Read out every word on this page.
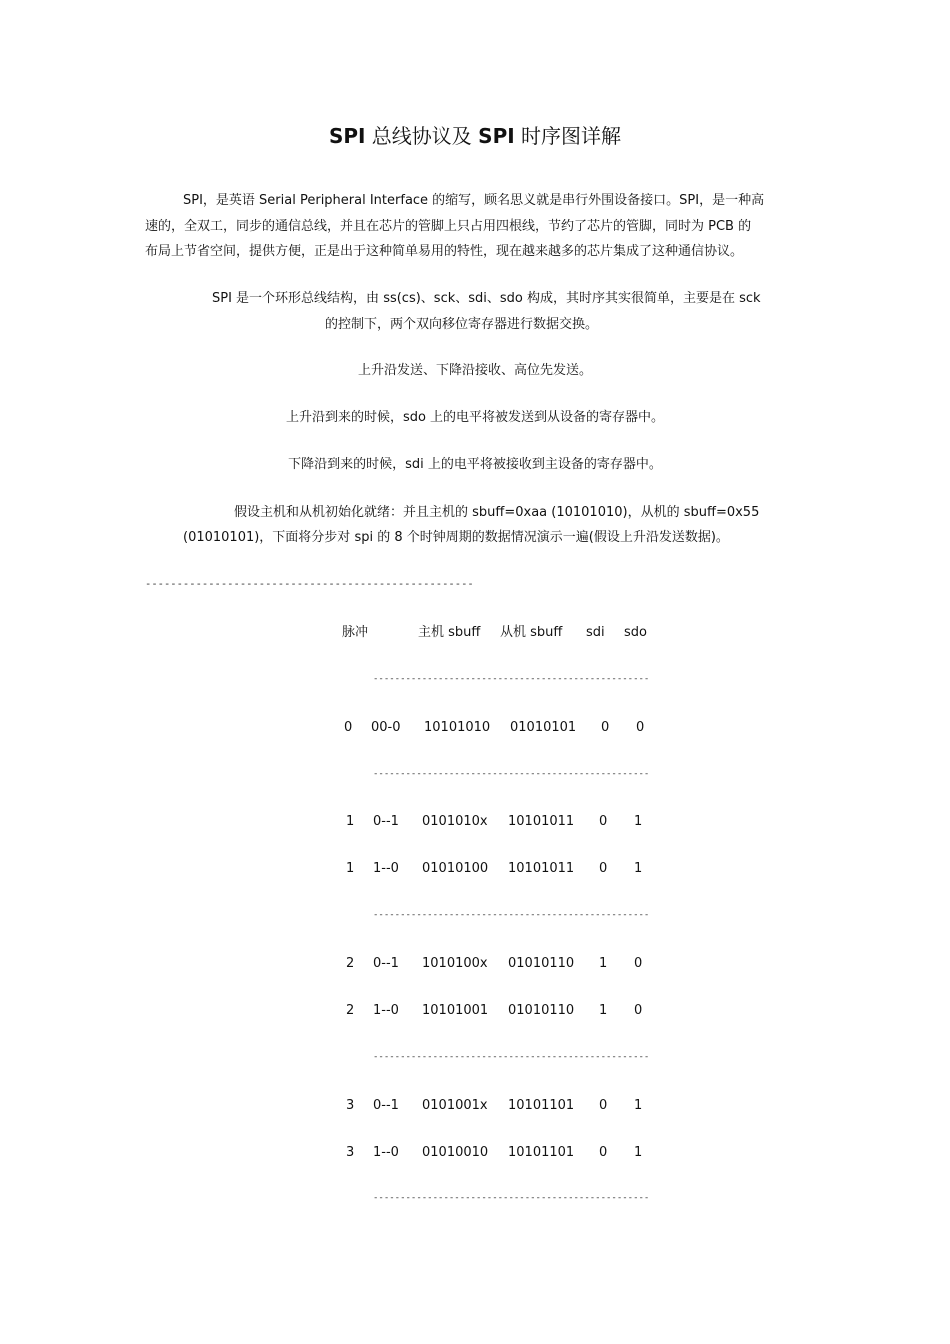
SPI 总线协议及 SPI 时序图详解
SPI，是英语 Serial Peripheral Interface 的缩写，顾名思义就是串行外围设备接口。SPI，是一种高
速的，全双工，同步的通信总线，并且在芯片的管脚上只占用四根线，节约了芯片的管脚，同时为 PCB 的
布局上节省空间，提供方便，正是出于这种简单易用的特性，现在越来越多的芯片集成了这种通信协议。
SPI 是一个环形总线结构，由 ss(cs)、sck、sdi、sdo 构成，其时序其实很简单，主要是在 sck
的控制下，两个双向移位寄存器进行数据交换。
上升沿发送、下降沿接收、高位先发送。
上升沿到来的时候，sdo 上的电平将被发送到从设备的寄存器中。
下降沿到来的时候，sdi 上的电平将被接收到主设备的寄存器中。
假设主机和从机初始化就绪：并且主机的 sbuff=0xaa (10101010)，从机的 sbuff=0x55
(01010101)，下面将分步对 spi 的 8 个时钟周期的数据情况演示一遍(假设上升沿发送数据)。
----------------------------------------------------
脉冲	主机 sbuff 从机 sbuff sdi sdo
---------------------------------------------------
0 00-0 10101010 01010101 0 0
---------------------------------------------------
1 0--1 0101010x 10101011 0 1
1 1--0 01010100 10101011 0 1
---------------------------------------------------
2 0--1 1010100x 01010110 1 0
2 1--0 10101001 01010110 1 0
---------------------------------------------------
3 0--1 0101001x 10101101 0 1
3 1--0 01010010 10101101 0 1
---------------------------------------------------
